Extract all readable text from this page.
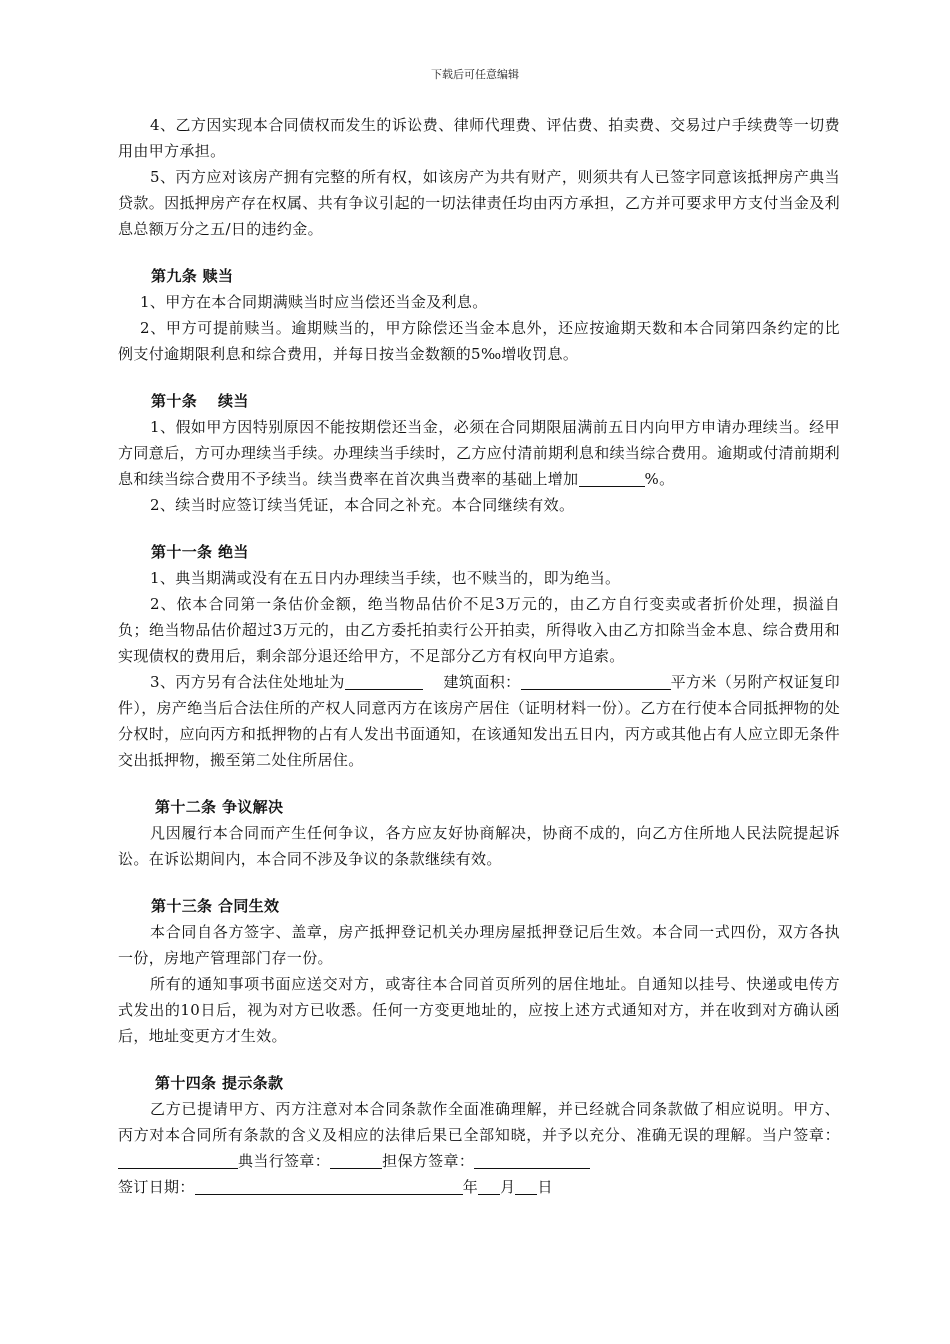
下载后可任意编辑

4、乙方因实现本合同债权而发生的诉讼费、律师代理费、评估费、拍卖费、交易过户手续费等一切费用由甲方承担。

5、丙方应对该房产拥有完整的所有权，如该房产为共有财产，则须共有人已签字同意该抵押房产典当贷款。因抵押房产存在权属、共有争议引起的一切法律责任均由丙方承担，乙方并可要求甲方支付当金及利息总额万分之五/日的违约金。

第九条 赎当

1、甲方在本合同期满赎当时应当偿还当金及利息。

2、甲方可提前赎当。逾期赎当的，甲方除偿还当金本息外，还应按逾期天数和本合同第四条约定的比例支付逾期限利息和综合费用，并每日按当金数额的5‰增收罚息。

第十条　 续当

1、假如甲方因特别原因不能按期偿还当金，必须在合同期限届满前五日内向甲方申请办理续当。经甲方同意后，方可办理续当手续。办理续当手续时，乙方应付清前期利息和续当综合费用。逾期或付清前期利息和续当综合费用不予续当。续当费率在首次典当费率的基础上增加	%。

2、续当时应签订续当凭证，本合同之补充。本合同继续有效。

第十一条 绝当

1、典当期满或没有在五日内办理续当手续，也不赎当的，即为绝当。

2、依本合同第一条估价金额，绝当物品估价不足3万元的，由乙方自行变卖或者折价处理，损溢自负；绝当物品估价超过3万元的，由乙方委托拍卖行公开拍卖，所得收入由乙方扣除当金本息、综合费用和实现债权的费用后，剩余部分退还给甲方，不足部分乙方有权向甲方追索。

3、丙方另有合法住处地址为	　 建筑面积：	平方米（另附产权证复印件），房产绝当后合法住所的产权人同意丙方在该房产居住（证明材料一份）。乙方在行使本合同抵押物的处分权时，应向丙方和抵押物的占有人发出书面通知，在该通知发出五日内，丙方或其他占有人应立即无条件交出抵押物，搬至第二处住所居住。

第十二条 争议解决

凡因履行本合同而产生任何争议，各方应友好协商解决，协商不成的，向乙方住所地人民法院提起诉讼。在诉讼期间内，本合同不涉及争议的条款继续有效。

第十三条 合同生效

本合同自各方签字、盖章，房产抵押登记机关办理房屋抵押登记后生效。本合同一式四份，双方各执一份，房地产管理部门存一份。

所有的通知事项书面应送交对方，或寄往本合同首页所列的居住地址。自通知以挂号、快递或电传方式发出的10日后，视为对方已收悉。任何一方变更地址的，应按上述方式通知对方，并在收到对方确认函后，地址变更方才生效。

第十四条 提示条款

乙方已提请甲方、丙方注意对本合同条款作全面准确理解，并已经就合同条款做了相应说明。甲方、丙方对本合同所有条款的含义及相应的法律后果已全部知晓，并予以充分、准确无误的理解。当户签章：典当行签章：	担保方签章：

签订日期：	年 月 日
